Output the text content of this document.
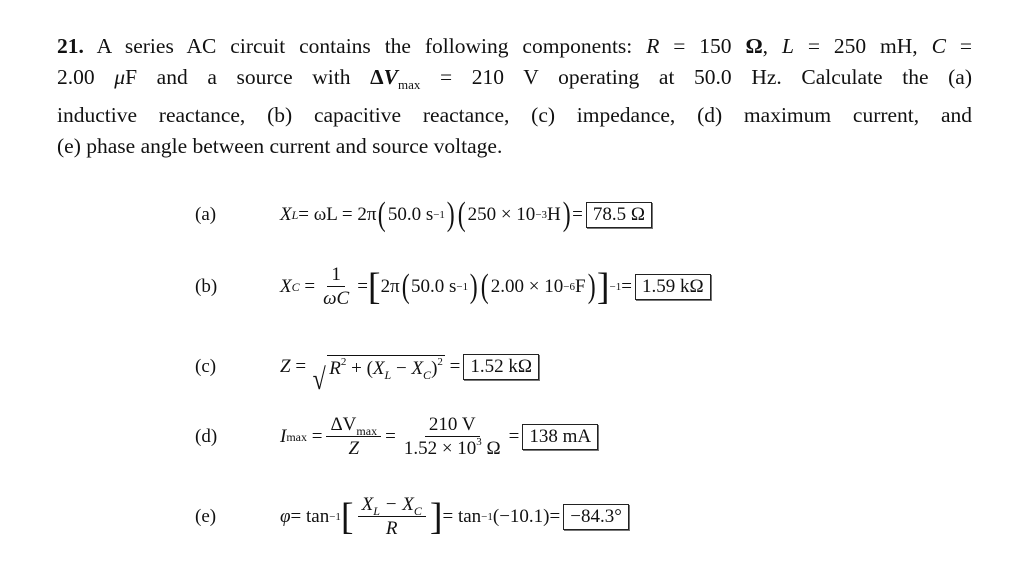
21. A series AC circuit contains the following components: R = 150 Ω, L = 250 mH, C =
2.00 μF and a source with $\Delta V_{max} = 210$ V operating at 50.0 Hz. Calculate the (a)
inductive reactance, (b) capacitive reactance, (c) impedance, (d) maximum current, and
(e) phase angle between current and source voltage.
(a)	X L = ωL = 2π ( 50.0 s −1 ) ( 250 × 10 −3 H ) = 78.5 Ω
(b)	X $C = \frac{1}{\omega C}$ = [ 2π ( 50.0 s −1 ) ( 2.00 × 10 −6 F ) ] −1 = 1.59 kΩ
(c)	Z = √ $R^2 + (X_L - X_C)^2$
= 1.52 kΩ
(d)	I $\max = \frac{\Delta V_{max}}{Z} = \frac{210 V}{1.52 \times 10^3 \Omega} = 138$ mA
(e)	φ = tan −1 [ $\frac{X_L - X_C}{R}$ ] = tan −1 (−10.1) = −84.3°
